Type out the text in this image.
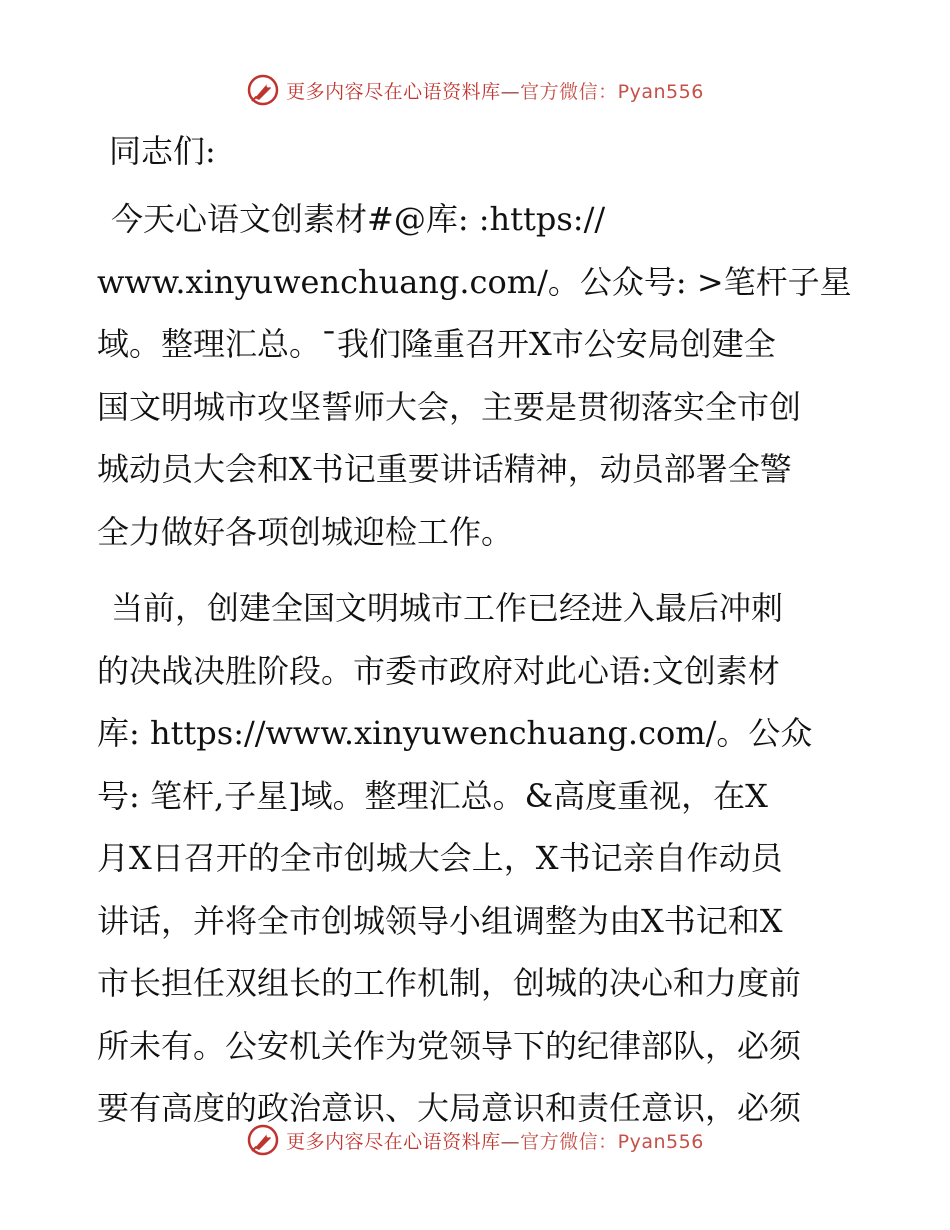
更多内容尽在心语资料库—官方微信：Pyan556
同志们:
今天心语文创素材#@库: :https://
www.xinyuwenchuang.com/。公众号: >笔杆子星
域。整理汇总。¯我们隆重召开X市公安局创建全
国文明城市攻坚誓师大会，主要是贯彻落实全市创
城动员大会和X书记重要讲话精神，动员部署全警
全力做好各项创城迎检工作。
当前，创建全国文明城市工作已经进入最后冲刺
的决战决胜阶段。市委市政府对此心语:文创素材
库: https://www.xinyuwenchuang.com/。公众
号: 笔杆,子星]域。整理汇总。&高度重视，在X
月X日召开的全市创城大会上，X书记亲自作动员
讲话，并将全市创城领导小组调整为由X书记和X
市长担任双组长的工作机制，创城的决心和力度前
所未有。公安机关作为党领导下的纪律部队，必须
要有高度的政治意识、大局意识和责任意识，必须
更多内容尽在心语资料库—官方微信：Pyan556
